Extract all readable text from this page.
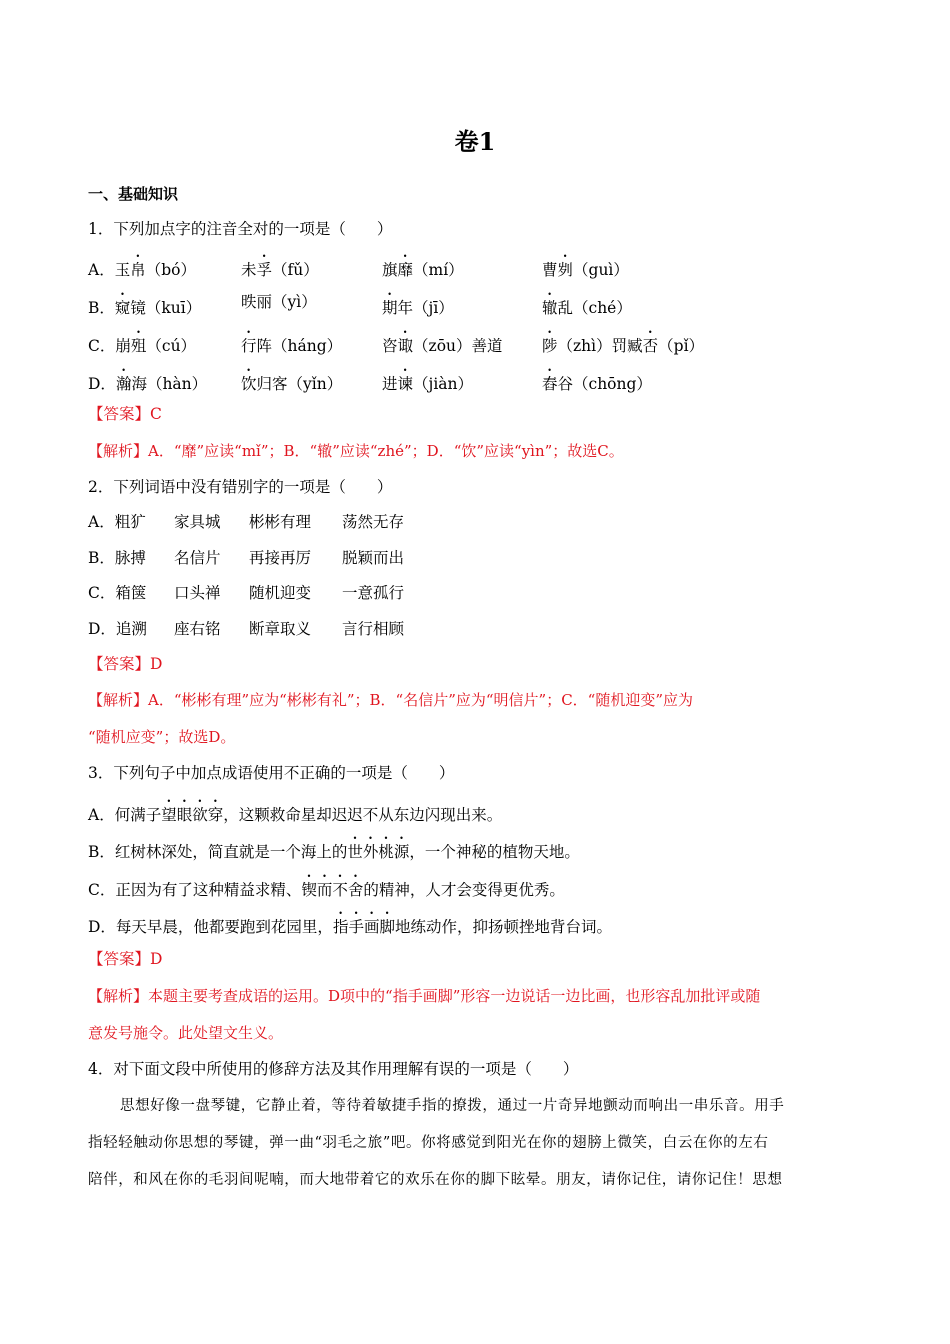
卷1
一、基础知识
1．下列加点字的注音全对的一项是（　　）
A．玉帛（bó）	未孚（fǔ）	旗靡（mí）	曹刿（guì）
B．窥镜（kuī）	昳丽（yì）	期年（jī）	辙乱（ché）
C．崩殂（cú）	行阵（háng）	咨诹（zōu）善道	陟（zhì）罚臧否（pǐ）
D．瀚海（hàn） 饮归客（yǐn）	进谏（jiàn）	舂谷（chōng）
【答案】C
【解析】A．“靡”应读“mǐ”；B．“辙”应读“zhé”；D．“饮”应读“yìn”；故选C。
2．下列词语中没有错别字的一项是（　　）
A．粗犷 家具城 彬彬有理 荡然无存
B．脉搏 名信片 再接再厉 脱颖而出
C．箱箧 口头禅 随机迎变 一意孤行
D．追溯 座右铭 断章取义 言行相顾
【答案】D
【解析】A．“彬彬有理”应为“彬彬有礼”；B．“名信片”应为“明信片”；C．“随机迎变”应为
“随机应变”；故选D。
3．下列句子中加点成语使用不正确的一项是（　　）
A．何满子望眼欲穿，这颗救命星却迟迟不从东边闪现出来。
B．红树林深处，简直就是一个海上的世外桃源，一个神秘的植物天地。
C．正因为有了这种精益求精、锲而不舍的精神，人才会变得更优秀。
D．每天早晨，他都要跑到花园里，指手画脚地练动作，抑扬顿挫地背台词。
【答案】D
【解析】本题主要考查成语的运用。D项中的“指手画脚”形容一边说话一边比画，也形容乱加批评或随
意发号施令。此处望文生义。
4．对下面文段中所使用的修辞方法及其作用理解有误的一项是（　　）
思想好像一盘琴键，它静止着，等待着敏捷手指的撩拨，通过一片奇异地颤动而响出一串乐音。用手
指轻轻触动你思想的琴键，弹一曲“羽毛之旅”吧。你将感觉到阳光在你的翅膀上微笑，白云在你的左右
陪伴，和风在你的毛羽间呢喃，而大地带着它的欢乐在你的脚下眩晕。朋友，请你记住，请你记住！思想
